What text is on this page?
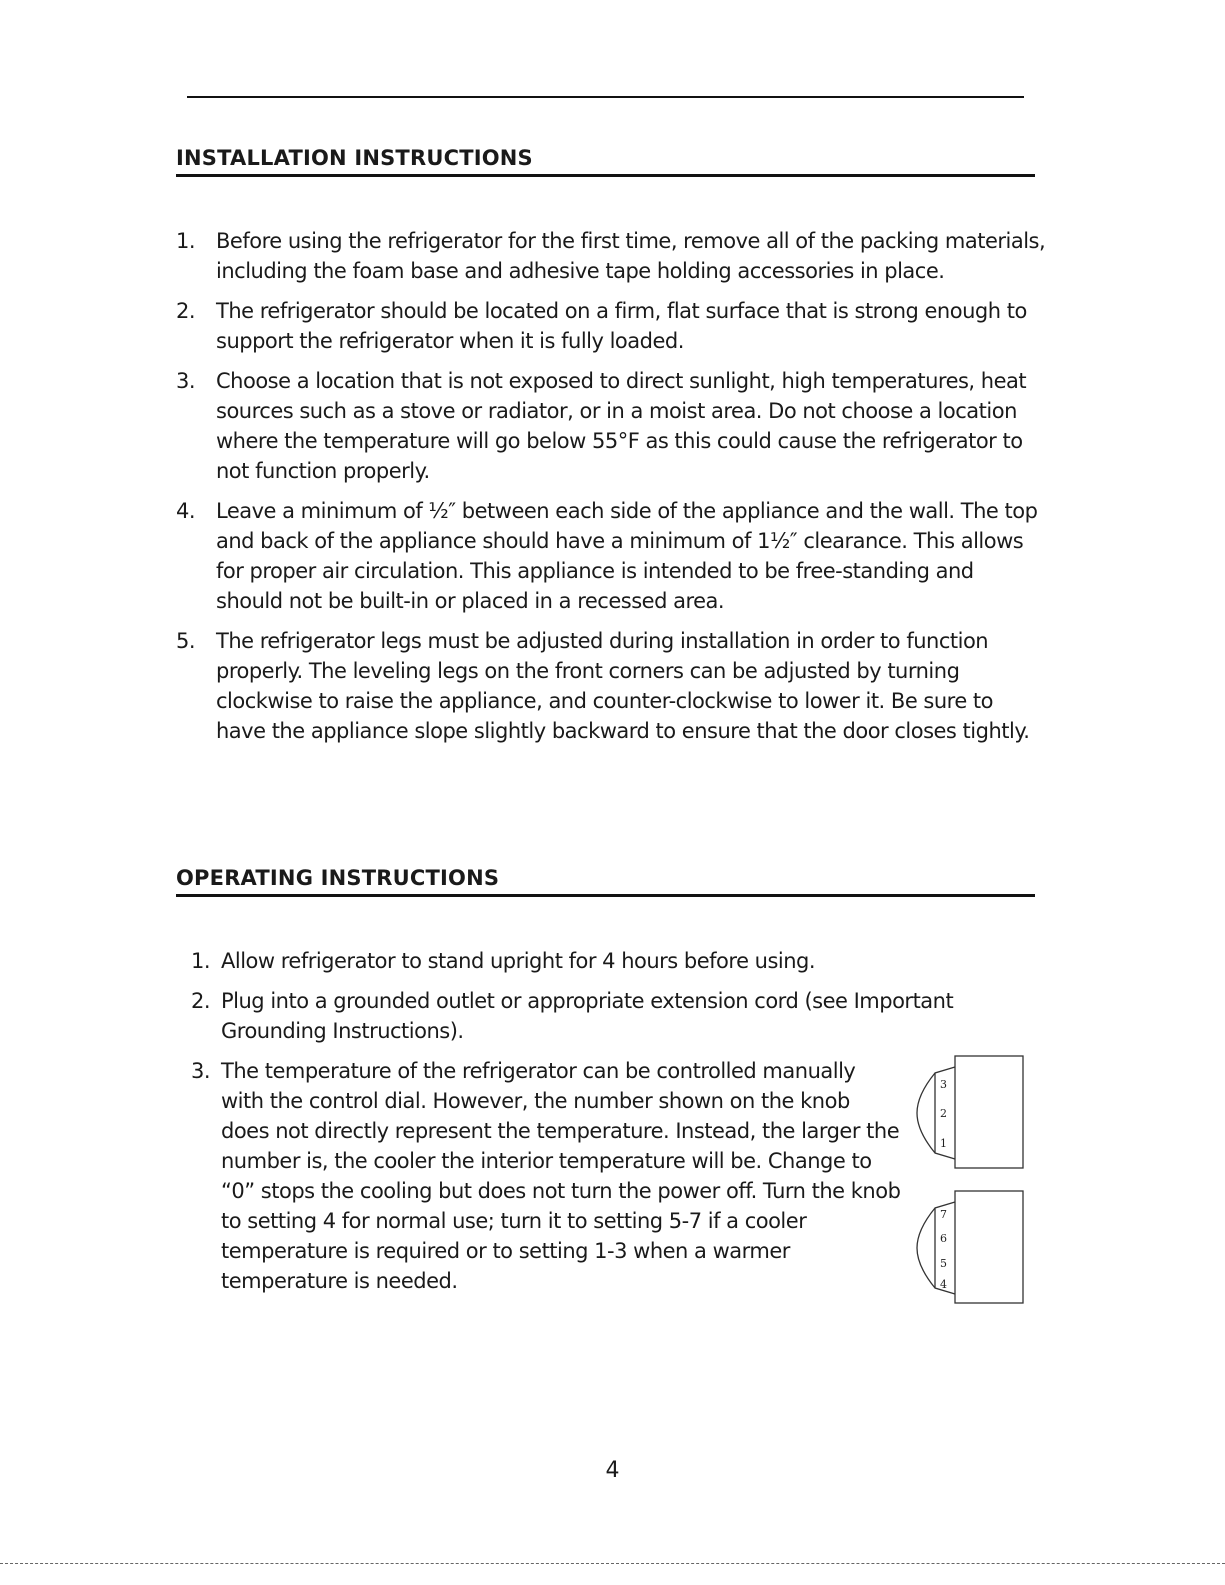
INSTALLATION INSTRUCTIONS
1. Before using the refrigerator for the first time, remove all of the packing materials, including the foam base and adhesive tape holding accessories in place.
2. The refrigerator should be located on a firm, flat surface that is strong enough to support the refrigerator when it is fully loaded.
3. Choose a location that is not exposed to direct sunlight, high temperatures, heat sources such as a stove or radiator, or in a moist area. Do not choose a location where the temperature will go below 55°F as this could cause the refrigerator to not function properly.
4. Leave a minimum of ½″ between each side of the appliance and the wall. The top and back of the appliance should have a minimum of 1½″ clearance. This allows for proper air circulation. This appliance is intended to be free-standing and should not be built-in or placed in a recessed area.
5. The refrigerator legs must be adjusted during installation in order to function properly. The leveling legs on the front corners can be adjusted by turning clockwise to raise the appliance, and counter-clockwise to lower it. Be sure to have the appliance slope slightly backward to ensure that the door closes tightly.
OPERATING INSTRUCTIONS
1. Allow refrigerator to stand upright for 4 hours before using.
2. Plug into a grounded outlet or appropriate extension cord (see Important Grounding Instructions).
3. The temperature of the refrigerator can be controlled manually with the control dial. However, the number shown on the knob does not directly represent the temperature. Instead, the larger the number is, the cooler the interior temperature will be. Change to “0” stops the cooling but does not turn the power off. Turn the knob to setting 4 for normal use; turn it to setting 5-7 if a cooler temperature is required or to setting 1-3 when a warmer temperature is needed.
3
2
1
7
6
5
4
4
